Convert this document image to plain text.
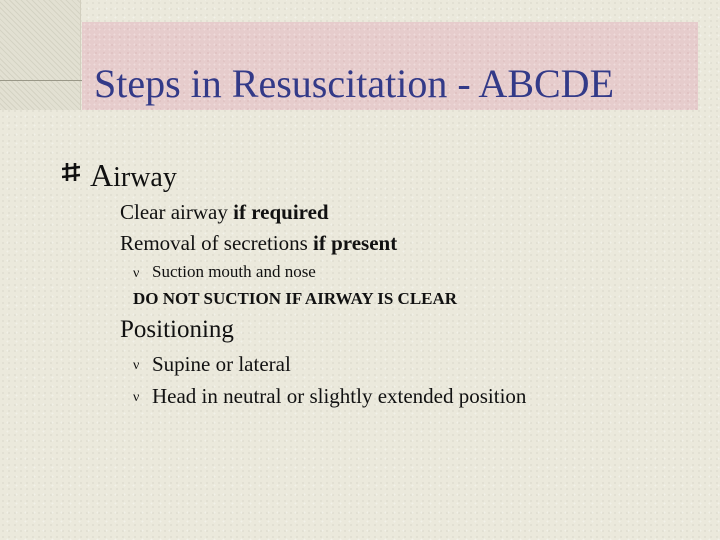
Steps in Resuscitation - ABCDE
Airway
Clear airway if required
Removal of secretions if present
ν Suction mouth and nose
DO NOT SUCTION IF AIRWAY IS CLEAR
Positioning
ν Supine or lateral
ν Head in neutral or slightly extended position
